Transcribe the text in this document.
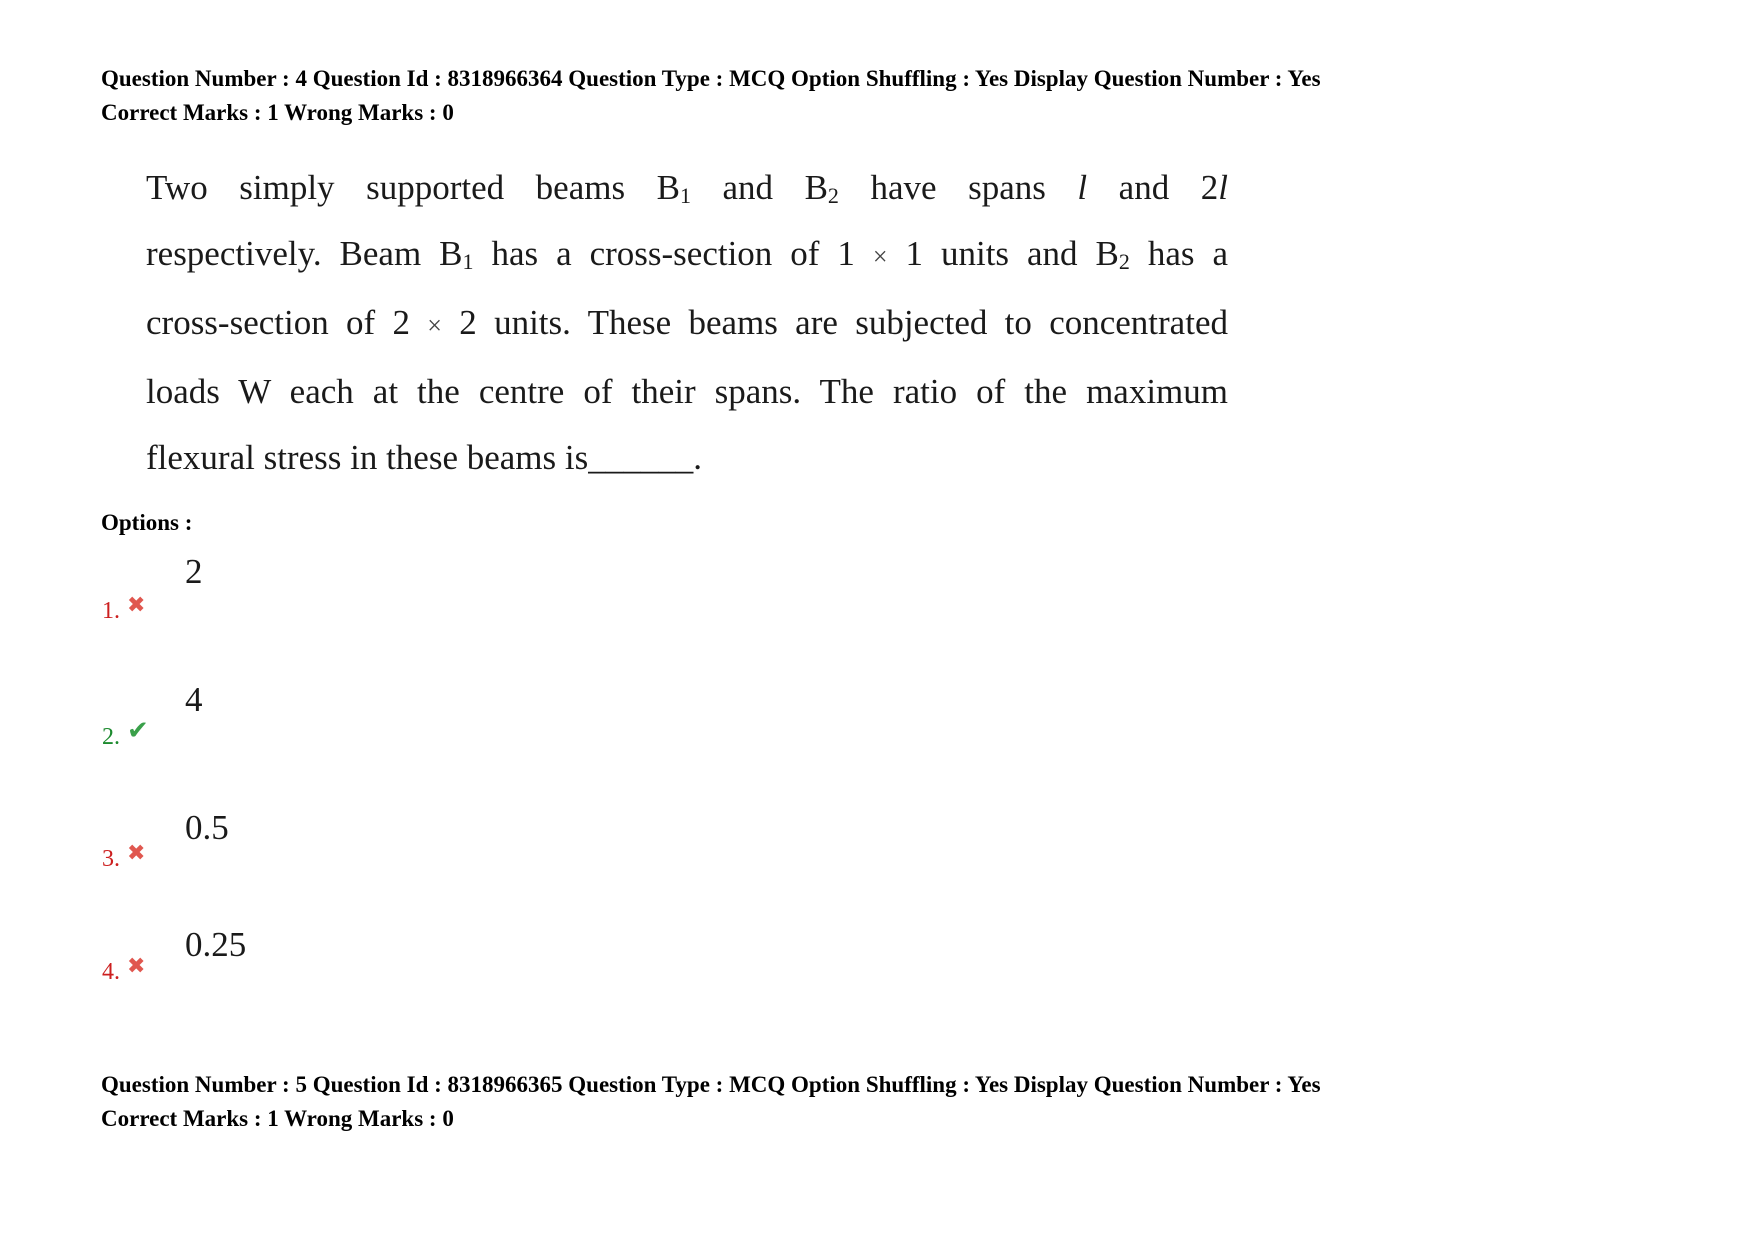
Question Number : 4 Question Id : 8318966364 Question Type : MCQ Option Shuffling : Yes Display Question Number : Yes
Correct Marks : 1 Wrong Marks : 0
Two simply supported beams $B_1$ and $B_2$ have spans l and 2l
respectively. Beam $B_1$ has a cross-section of 1 × 1 units and $B_2$ has a
cross-section of 2 × 2 units. These beams are subjected to concentrated
loads W each at the centre of their spans. The ratio of the maximum
flexural stress in these beams is______.
Options :
1. ✖
2
2. ✔
4
3. ✖
0.5
4. ✖
0.25
Question Number : 5 Question Id : 8318966365 Question Type : MCQ Option Shuffling : Yes Display Question Number : Yes
Correct Marks : 1 Wrong Marks : 0
